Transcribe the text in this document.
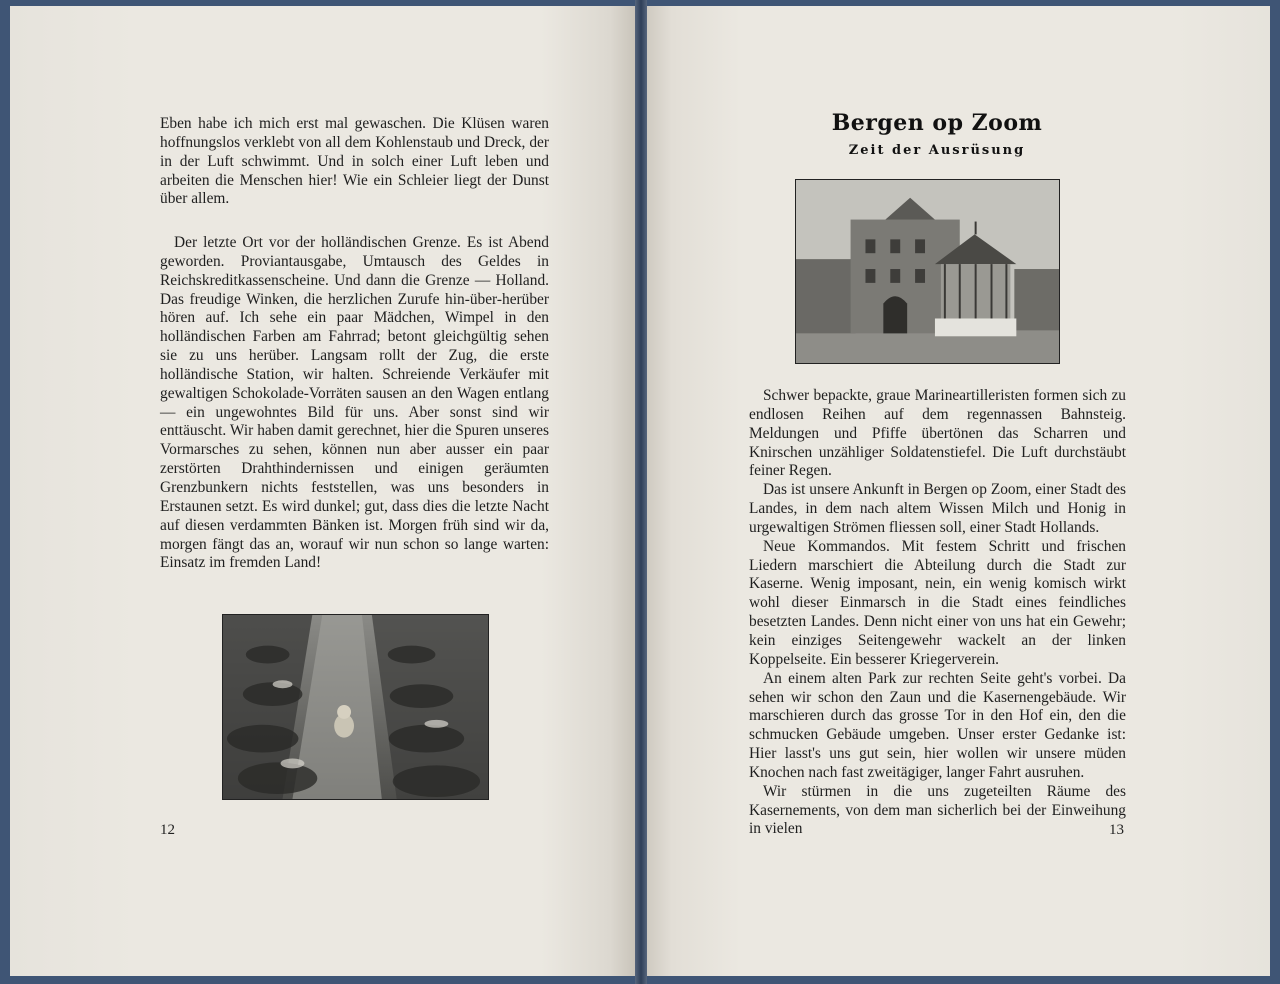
Eben habe ich mich erst mal gewaschen. Die Klüsen waren hoffnungslos verklebt von all dem Kohlenstaub und Dreck, der in der Luft schwimmt. Und in solch einer Luft leben und arbeiten die Menschen hier! Wie ein Schleier liegt der Dunst über allem.

Der letzte Ort vor der holländischen Grenze. Es ist Abend geworden. Proviantausgabe, Umtausch des Geldes in Reichskreditkassenscheine. Und dann die Grenze — Holland. Das freudige Winken, die herzlichen Zurufe hin-über-herüber hören auf. Ich sehe ein paar Mädchen, Wimpel in den holländischen Farben am Fahrrad; betont gleichgültig sehen sie zu uns herüber. Langsam rollt der Zug, die erste holländische Station, wir halten. Schreiende Verkäufer mit gewaltigen Schokolade-Vorräten sausen an den Wagen entlang — ein ungewohntes Bild für uns. Aber sonst sind wir enttäuscht. Wir haben damit gerechnet, hier die Spuren unseres Vormarsches zu sehen, können nun aber ausser ein paar zerstörten Drahthindernissen und einigen geräumten Grenzbunkern nichts feststellen, was uns besonders in Erstaunen setzt. Es wird dunkel; gut, dass dies die letzte Nacht auf diesen verdammten Bänken ist. Morgen früh sind wir da, morgen fängt das an, worauf wir nun schon so lange warten: Einsatz im fremden Land!

12
Bergen op Zoom
Zeit der Ausrüsung

Schwer bepackte, graue Marineartilleristen formen sich zu endlosen Reihen auf dem regennassen Bahnsteig. Meldungen und Pfiffe übertönen das Scharren und Knirschen unzähliger Soldatenstiefel. Die Luft durchstäubt feiner Regen.

Das ist unsere Ankunft in Bergen op Zoom, einer Stadt des Landes, in dem nach altem Wissen Milch und Honig in urgewaltigen Strömen fliessen soll, einer Stadt Hollands.

Neue Kommandos. Mit festem Schritt und frischen Liedern marschiert die Abteilung durch die Stadt zur Kaserne. Wenig imposant, nein, ein wenig komisch wirkt wohl dieser Einmarsch in die Stadt eines feindliches besetzten Landes. Denn nicht einer von uns hat ein Gewehr; kein einziges Seitengewehr wackelt an der linken Koppelseite. Ein besserer Kriegerverein.

An einem alten Park zur rechten Seite geht's vorbei. Da sehen wir schon den Zaun und die Kasernengebäude. Wir marschieren durch das grosse Tor in den Hof ein, den die schmucken Gebäude umgeben. Unser erster Gedanke ist: Hier lasst's uns gut sein, hier wollen wir unsere müden Knochen nach fast zweitägiger, langer Fahrt ausruhen.

Wir stürmen in die uns zugeteilten Räume des Kasernements, von dem man sicherlich bei der Einweihung in vielen	13
